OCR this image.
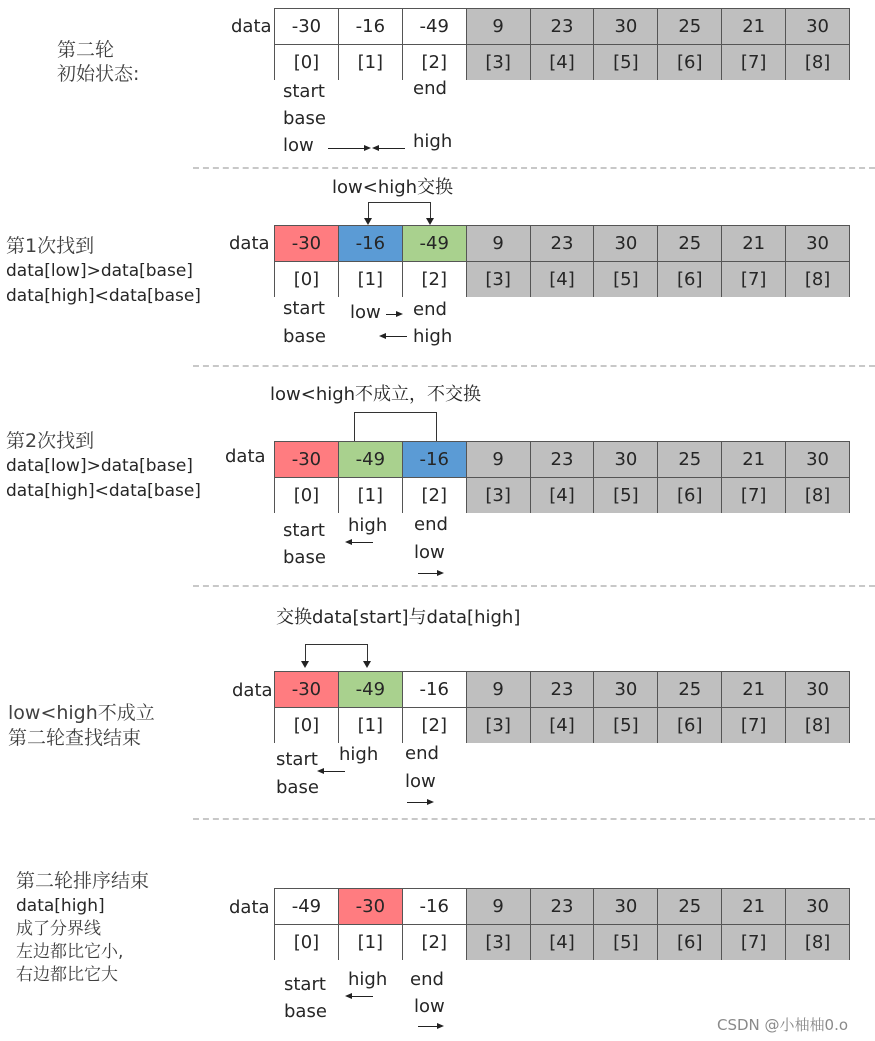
第二轮
初始状态:
data	-30	-16	-49	9	23	30	25	21	30
[0]	[1]	[2]	[3]	[4]	[5]	[6]	[7]	[8]
start
base
low
end
high
第1次找到
data[low]>data[base]
data[high]<data[base]
low<high交换
data	-30	-16	-49	9	23	30	25	21	30
[0]	[1]	[2]	[3]	[4]	[5]	[6]	[7]	[8]
start
base
low end
high
第2次找到
data[low]>data[base]
data[high]<data[base]
low<high不成立，不交换
data	-30	-49	-16	9	23	30	25	21	30
[0]	[1]	[2]	[3]	[4]	[5]	[6]	[7]	[8]
start
base
high end
low
low<high不成立
第二轮查找结束
交换data[start]与data[high]
data	-30	-49	-16	9	23	30	25	21	30
[0]	[1]	[2]	[3]	[4]	[5]	[6]	[7]	[8]
start
base
high end
low
第二轮排序结束
data[high]
成了分界线
左边都比它小,
右边都比它大
data	-49	-30	-16	9	23	30	25	21	30
[0]	[1]	[2]	[3]	[4]	[5]	[6]	[7]	[8]
start
base
high end
low
CSDN @小柚柚0.o
